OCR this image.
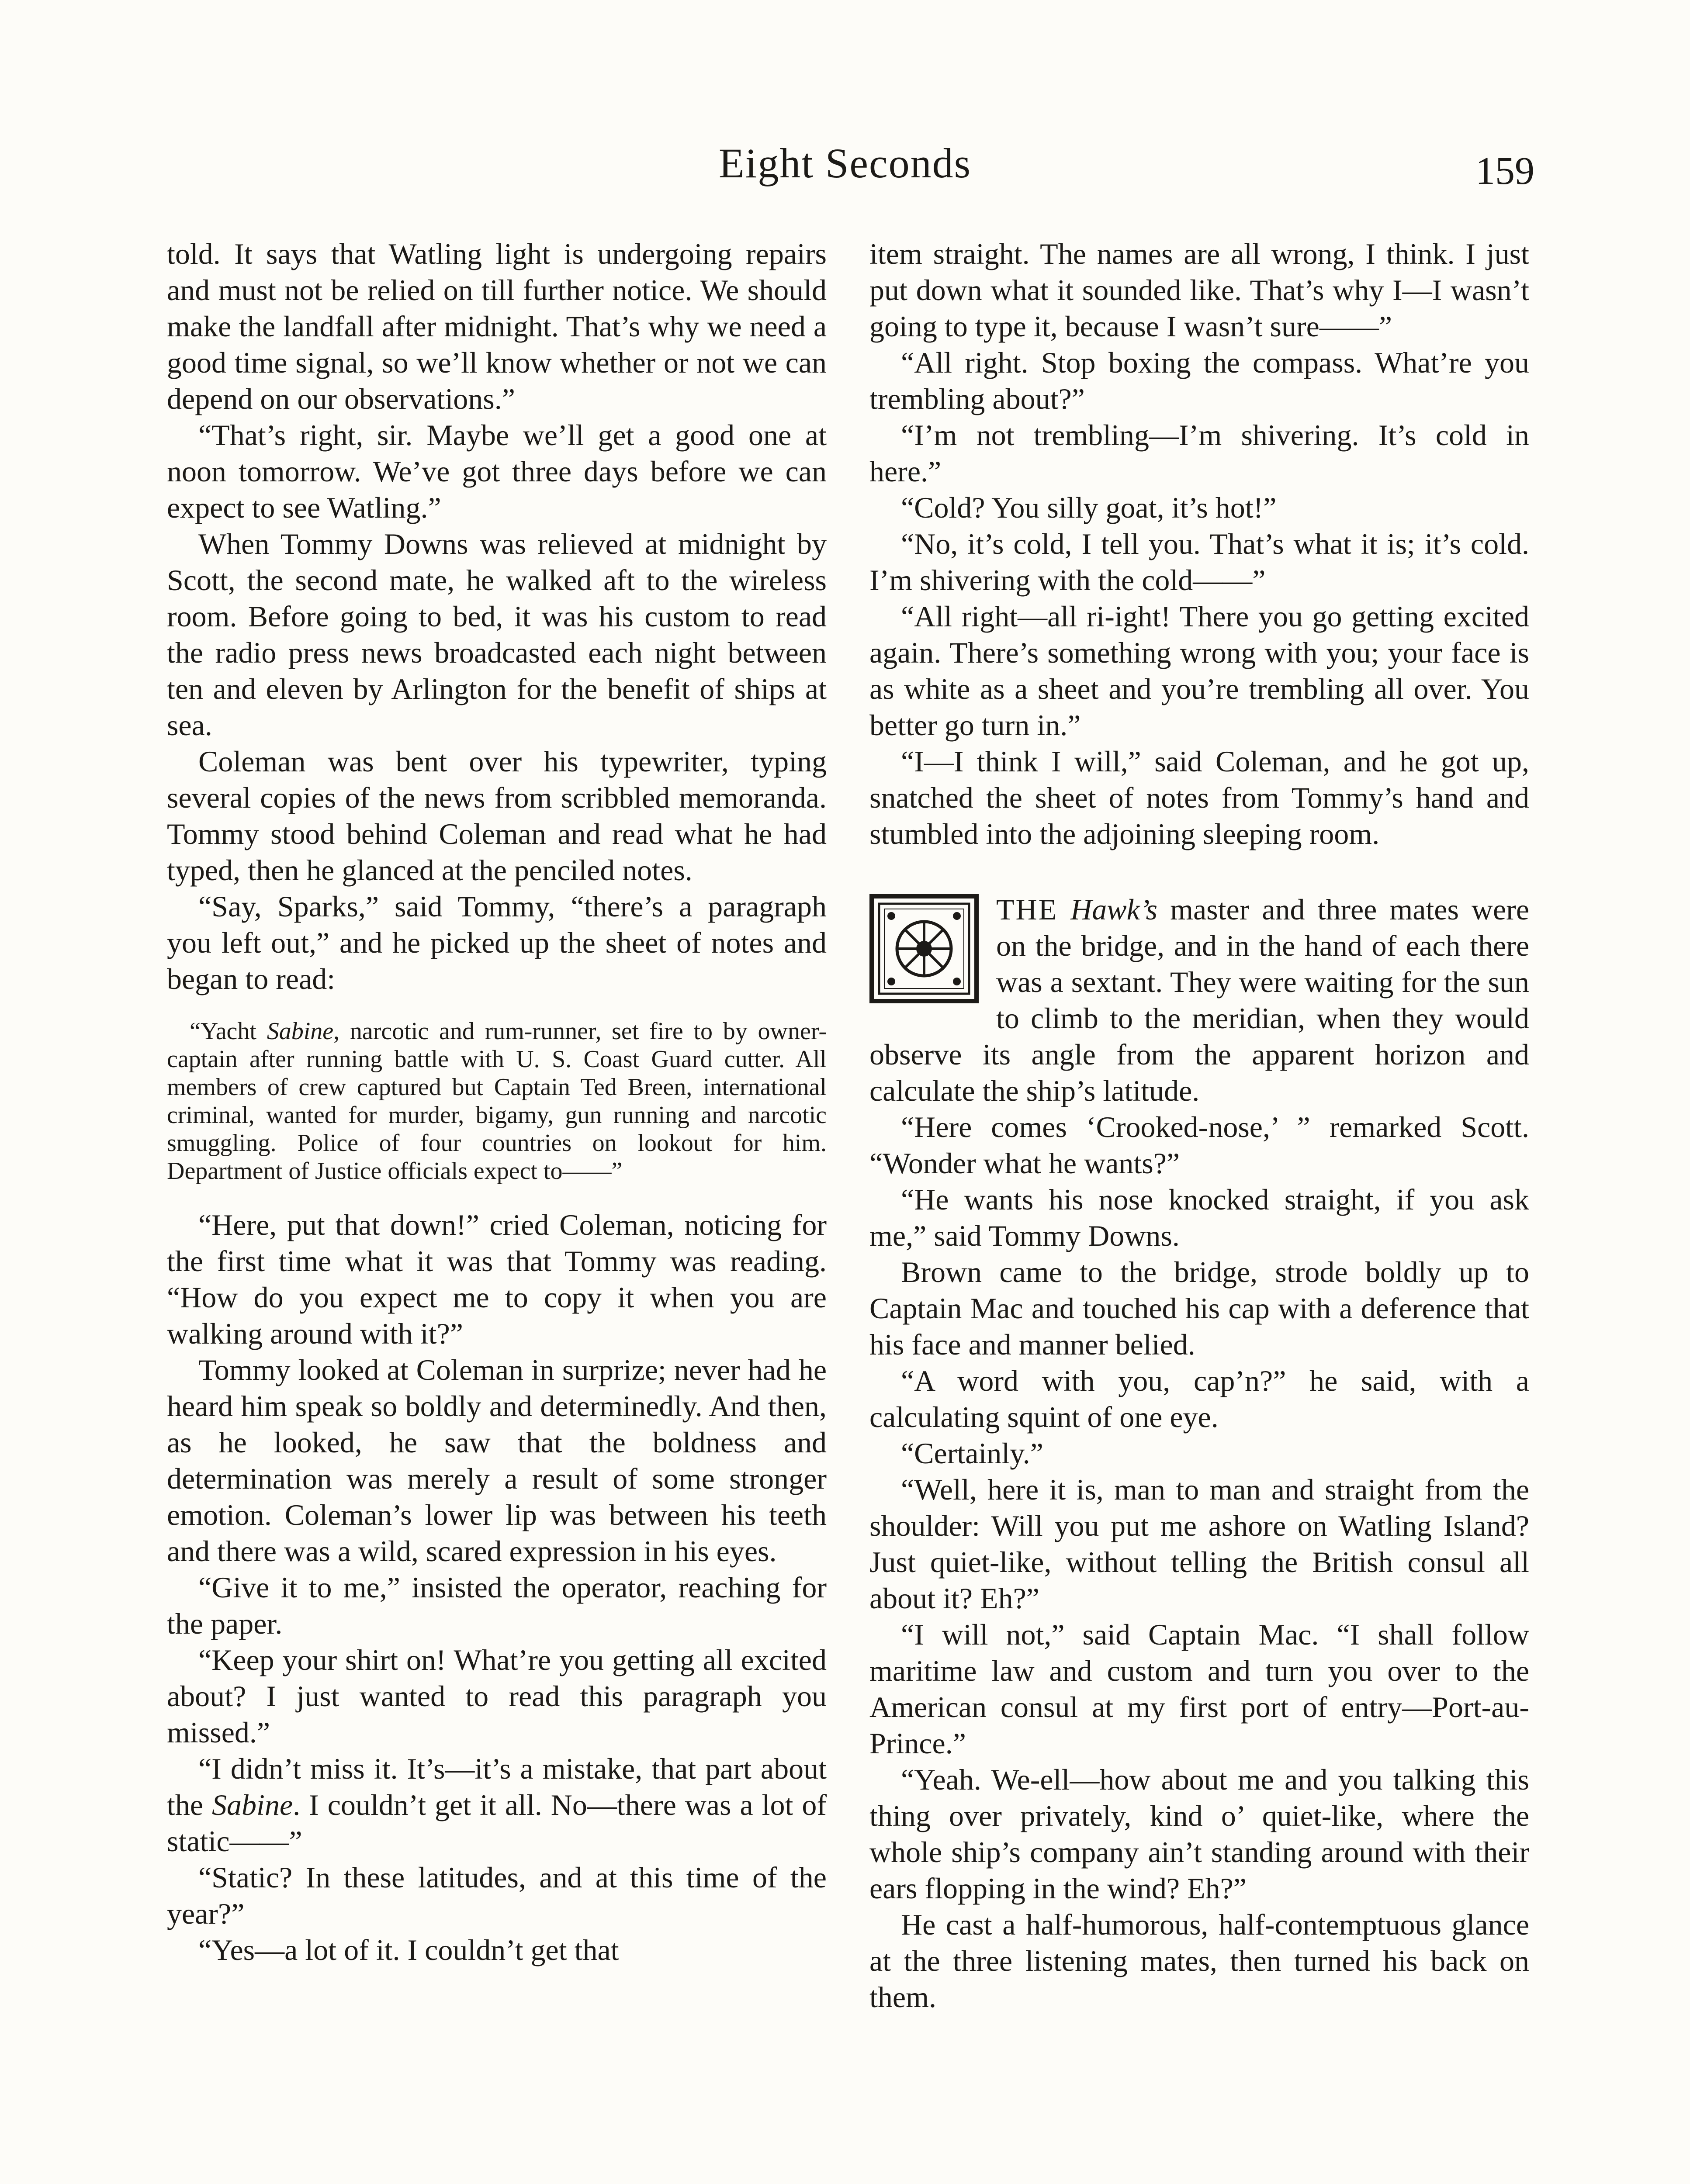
Eight Seconds	159

told. It says that Watling light is undergoing repairs and must not be relied on till further notice. We should make the landfall after midnight. That’s why we need a good time signal, so we’ll know whether or not we can depend on our observations.”

“That’s right, sir. Maybe we’ll get a good one at noon tomorrow. We’ve got three days before we can expect to see Watling.”

When Tommy Downs was relieved at midnight by Scott, the second mate, he walked aft to the wireless room. Before going to bed, it was his custom to read the radio press news broadcasted each night between ten and eleven by Arlington for the benefit of ships at sea.

Coleman was bent over his typewriter, typing several copies of the news from scribbled memoranda. Tommy stood behind Coleman and read what he had typed, then he glanced at the penciled notes.

“Say, Sparks,” said Tommy, “there’s a paragraph you left out,” and he picked up the sheet of notes and began to read:

“Yacht Sabine, narcotic and rum-runner, set fire to by owner-captain after running battle with U. S. Coast Guard cutter. All members of crew captured but Captain Ted Breen, international criminal, wanted for murder, bigamy, gun running and narcotic smuggling. Police of four countries on lookout for him. Department of Justice officials expect to——”

“Here, put that down!” cried Coleman, noticing for the first time what it was that Tommy was reading. “How do you expect me to copy it when you are walking around with it?”

Tommy looked at Coleman in surprize; never had he heard him speak so boldly and determinedly. And then, as he looked, he saw that the boldness and determination was merely a result of some stronger emotion. Coleman’s lower lip was between his teeth and there was a wild, scared expression in his eyes.

“Give it to me,” insisted the operator, reaching for the paper.

“Keep your shirt on! What’re you getting all excited about? I just wanted to read this paragraph you missed.”

“I didn’t miss it. It’s—it’s a mistake, that part about the Sabine. I couldn’t get it all. No—there was a lot of static——”

“Static? In these latitudes, and at this time of the year?”

“Yes—a lot of it. I couldn’t get that

item straight. The names are all wrong, I think. I just put down what it sounded like. That’s why I—I wasn’t going to type it, because I wasn’t sure——”

“All right. Stop boxing the compass. What’re you trembling about?”

“I’m not trembling—I’m shivering. It’s cold in here.”

“Cold? You silly goat, it’s hot!”

“No, it’s cold, I tell you. That’s what it is; it’s cold. I’m shivering with the cold——”

“All right—all ri-ight! There you go getting excited again. There’s something wrong with you; your face is as white as a sheet and you’re trembling all over. You better go turn in.”

“I—I think I will,” said Coleman, and he got up, snatched the sheet of notes from Tommy’s hand and stumbled into the adjoining sleeping room.

THE Hawk’s master and three mates were on the bridge, and in the hand of each there was a sextant. They were waiting for the sun to climb to the meridian, when they would observe its angle from the apparent horizon and calculate the ship’s latitude.

“Here comes ‘Crooked-nose,’ ” remarked Scott. “Wonder what he wants?”

“He wants his nose knocked straight, if you ask me,” said Tommy Downs.

Brown came to the bridge, strode boldly up to Captain Mac and touched his cap with a deference that his face and manner belied.

“A word with you, cap’n?” he said, with a calculating squint of one eye.

“Certainly.”

“Well, here it is, man to man and straight from the shoulder: Will you put me ashore on Watling Island? Just quiet-like, without telling the British consul all about it? Eh?”

“I will not,” said Captain Mac. “I shall follow maritime law and custom and turn you over to the American consul at my first port of entry—Port-au-Prince.”

“Yeah. We-ell—how about me and you talking this thing over privately, kind o’ quiet-like, where the whole ship’s company ain’t standing around with their ears flopping in the wind? Eh?”

He cast a half-humorous, half-contemptuous glance at the three listening mates, then turned his back on them.
